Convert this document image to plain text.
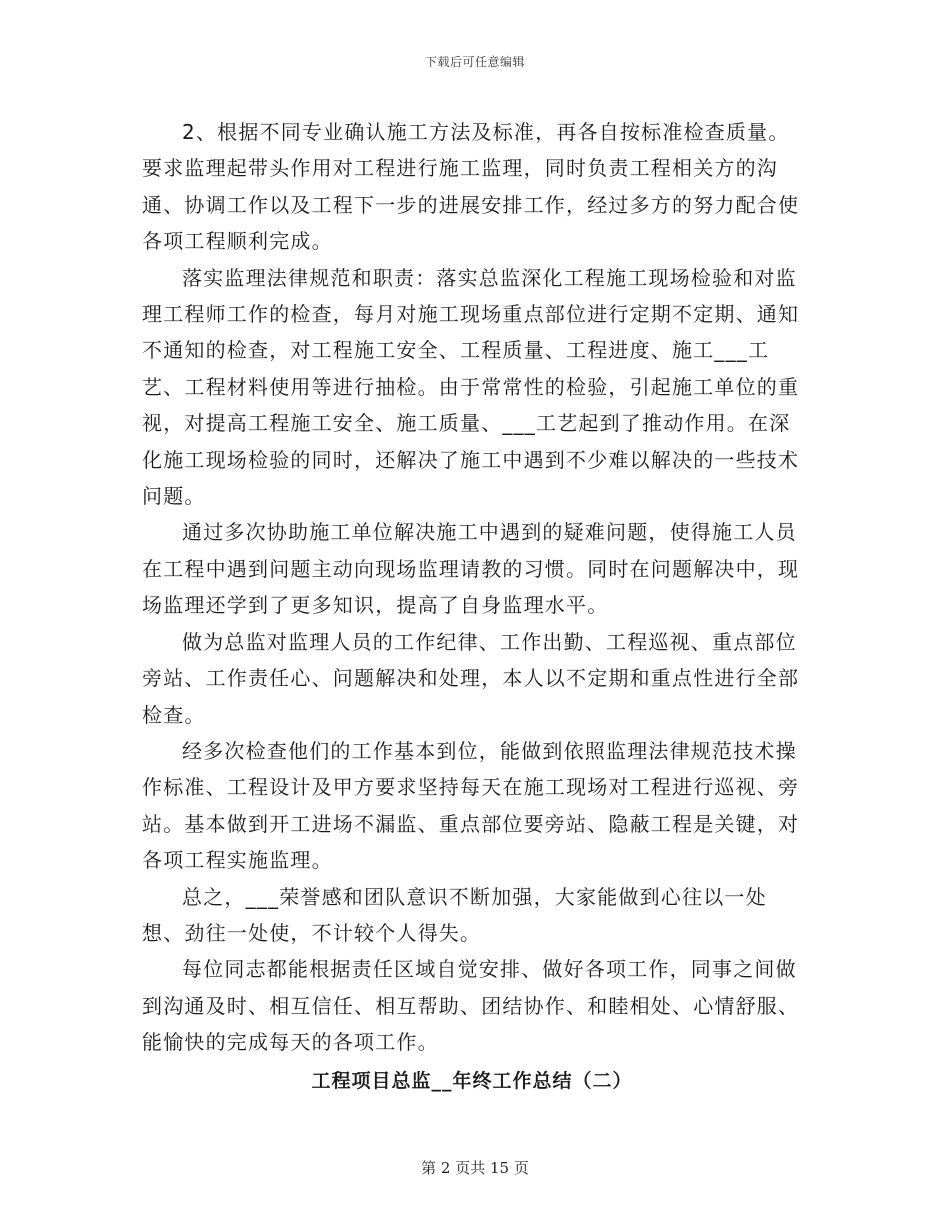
下载后可任意编辑

2、根据不同专业确认施工方法及标准，再各自按标准检查质量。要求监理起带头作用对工程进行施工监理，同时负责工程相关方的沟通、协调工作以及工程下一步的进展安排工作，经过多方的努力配合使各项工程顺利完成。

落实监理法律规范和职责：落实总监深化工程施工现场检验和对监理工程师工作的检查，每月对施工现场重点部位进行定期不定期、通知不通知的检查，对工程施工安全、工程质量、工程进度、施工___工艺、工程材料使用等进行抽检。由于常常性的检验，引起施工单位的重视，对提高工程施工安全、施工质量、___工艺起到了推动作用。在深化施工现场检验的同时，还解决了施工中遇到不少难以解决的一些技术问题。

通过多次协助施工单位解决施工中遇到的疑难问题，使得施工人员在工程中遇到问题主动向现场监理请教的习惯。同时在问题解决中，现场监理还学到了更多知识，提高了自身监理水平。

做为总监对监理人员的工作纪律、工作出勤、工程巡视、重点部位旁站、工作责任心、问题解决和处理，本人以不定期和重点性进行全部检查。

经多次检查他们的工作基本到位，能做到依照监理法律规范技术操作标准、工程设计及甲方要求坚持每天在施工现场对工程进行巡视、旁站。基本做到开工进场不漏监、重点部位要旁站、隐蔽工程是关键，对各项工程实施监理。

总之，___荣誉感和团队意识不断加强，大家能做到心往以一处想、劲往一处使，不计较个人得失。

每位同志都能根据责任区域自觉安排、做好各项工作，同事之间做到沟通及时、相互信任、相互帮助、团结协作、和睦相处、心情舒服、能愉快的完成每天的各项工作。

工程项目总监__年终工作总结（二）
第 2 页共 15 页
